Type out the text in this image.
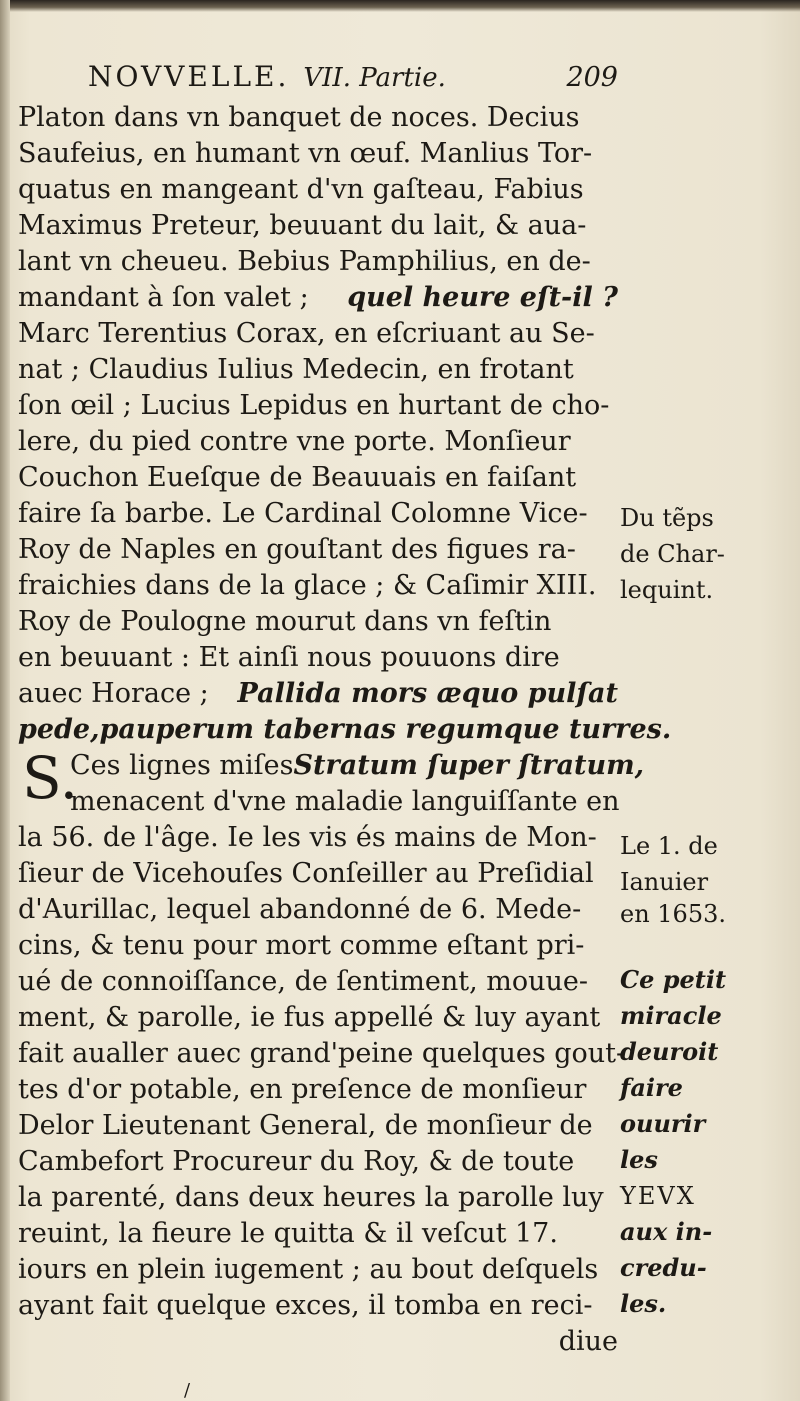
NOVVELLE. VII. Partie.	209
Platon dans vn banquet de noces. Decius
Saufeius, en humant vn œuf. Manlius Tor-
quatus en mangeant d'vn gaſteau, Fabius
Maximus Preteur, beuuant du lait, & aua-
lant vn cheueu. Bebius Pamphilius, en de-
mandant à ſon valet ; quel heure eſt-il ?
Marc Terentius Corax, en eſcriuant au Se-
nat ; Claudius Iulius Medecin, en frotant
ſon œil ; Lucius Lepidus en hurtant de cho-
lere, du pied contre vne porte. Monſieur
Couchon Eueſque de Beauuais en faiſant
faire ſa barbe. Le Cardinal Colomne Vice-
Roy de Naples en gouſtant des figues ra-
fraichies dans de la glace ; & Caſimir XIII.
Roy de Poulogne mourut dans vn feſtin
en beuuant : Et ainſi nous pouuons dire
auec Horace ; Pallida mors æquo pulſat
pede, pauperum tabernas regumque turres.
Ces lignes miſes Stratum ſuper ſtratum,
menacent d'vne maladie languiſſante en
la 56. de l'âge. Ie les vis és mains de Mon-
ſieur de Vicehouſes Conſeiller au Preſidial
d'Aurillac, lequel abandonné de 6. Mede-
cins, & tenu pour mort comme eſtant pri-
ué de connoiſſance, de ſentiment, mouue-
ment, & parolle, ie fus appellé & luy ayant
fait aualler auec grand'peine quelques gout-
tes d'or potable, en preſence de monſieur
Delor Lieutenant General, de monſieur de
Cambefort Procureur du Roy, & de toute
la parenté, dans deux heures la parolle luy
reuint, la fieure le quitta & il veſcut 17.
iours en plein iugement ; au bout deſquels
ayant fait quelque exces, il tomba en reci-
diue
S.
Du tẽps
de Char-
lequint.
Le 1. de
Ianuier
en 1653.
Ce petit
miracle
deuroit
faire
ouurir
les
YEVX
aux in-
credu-
les.
/
